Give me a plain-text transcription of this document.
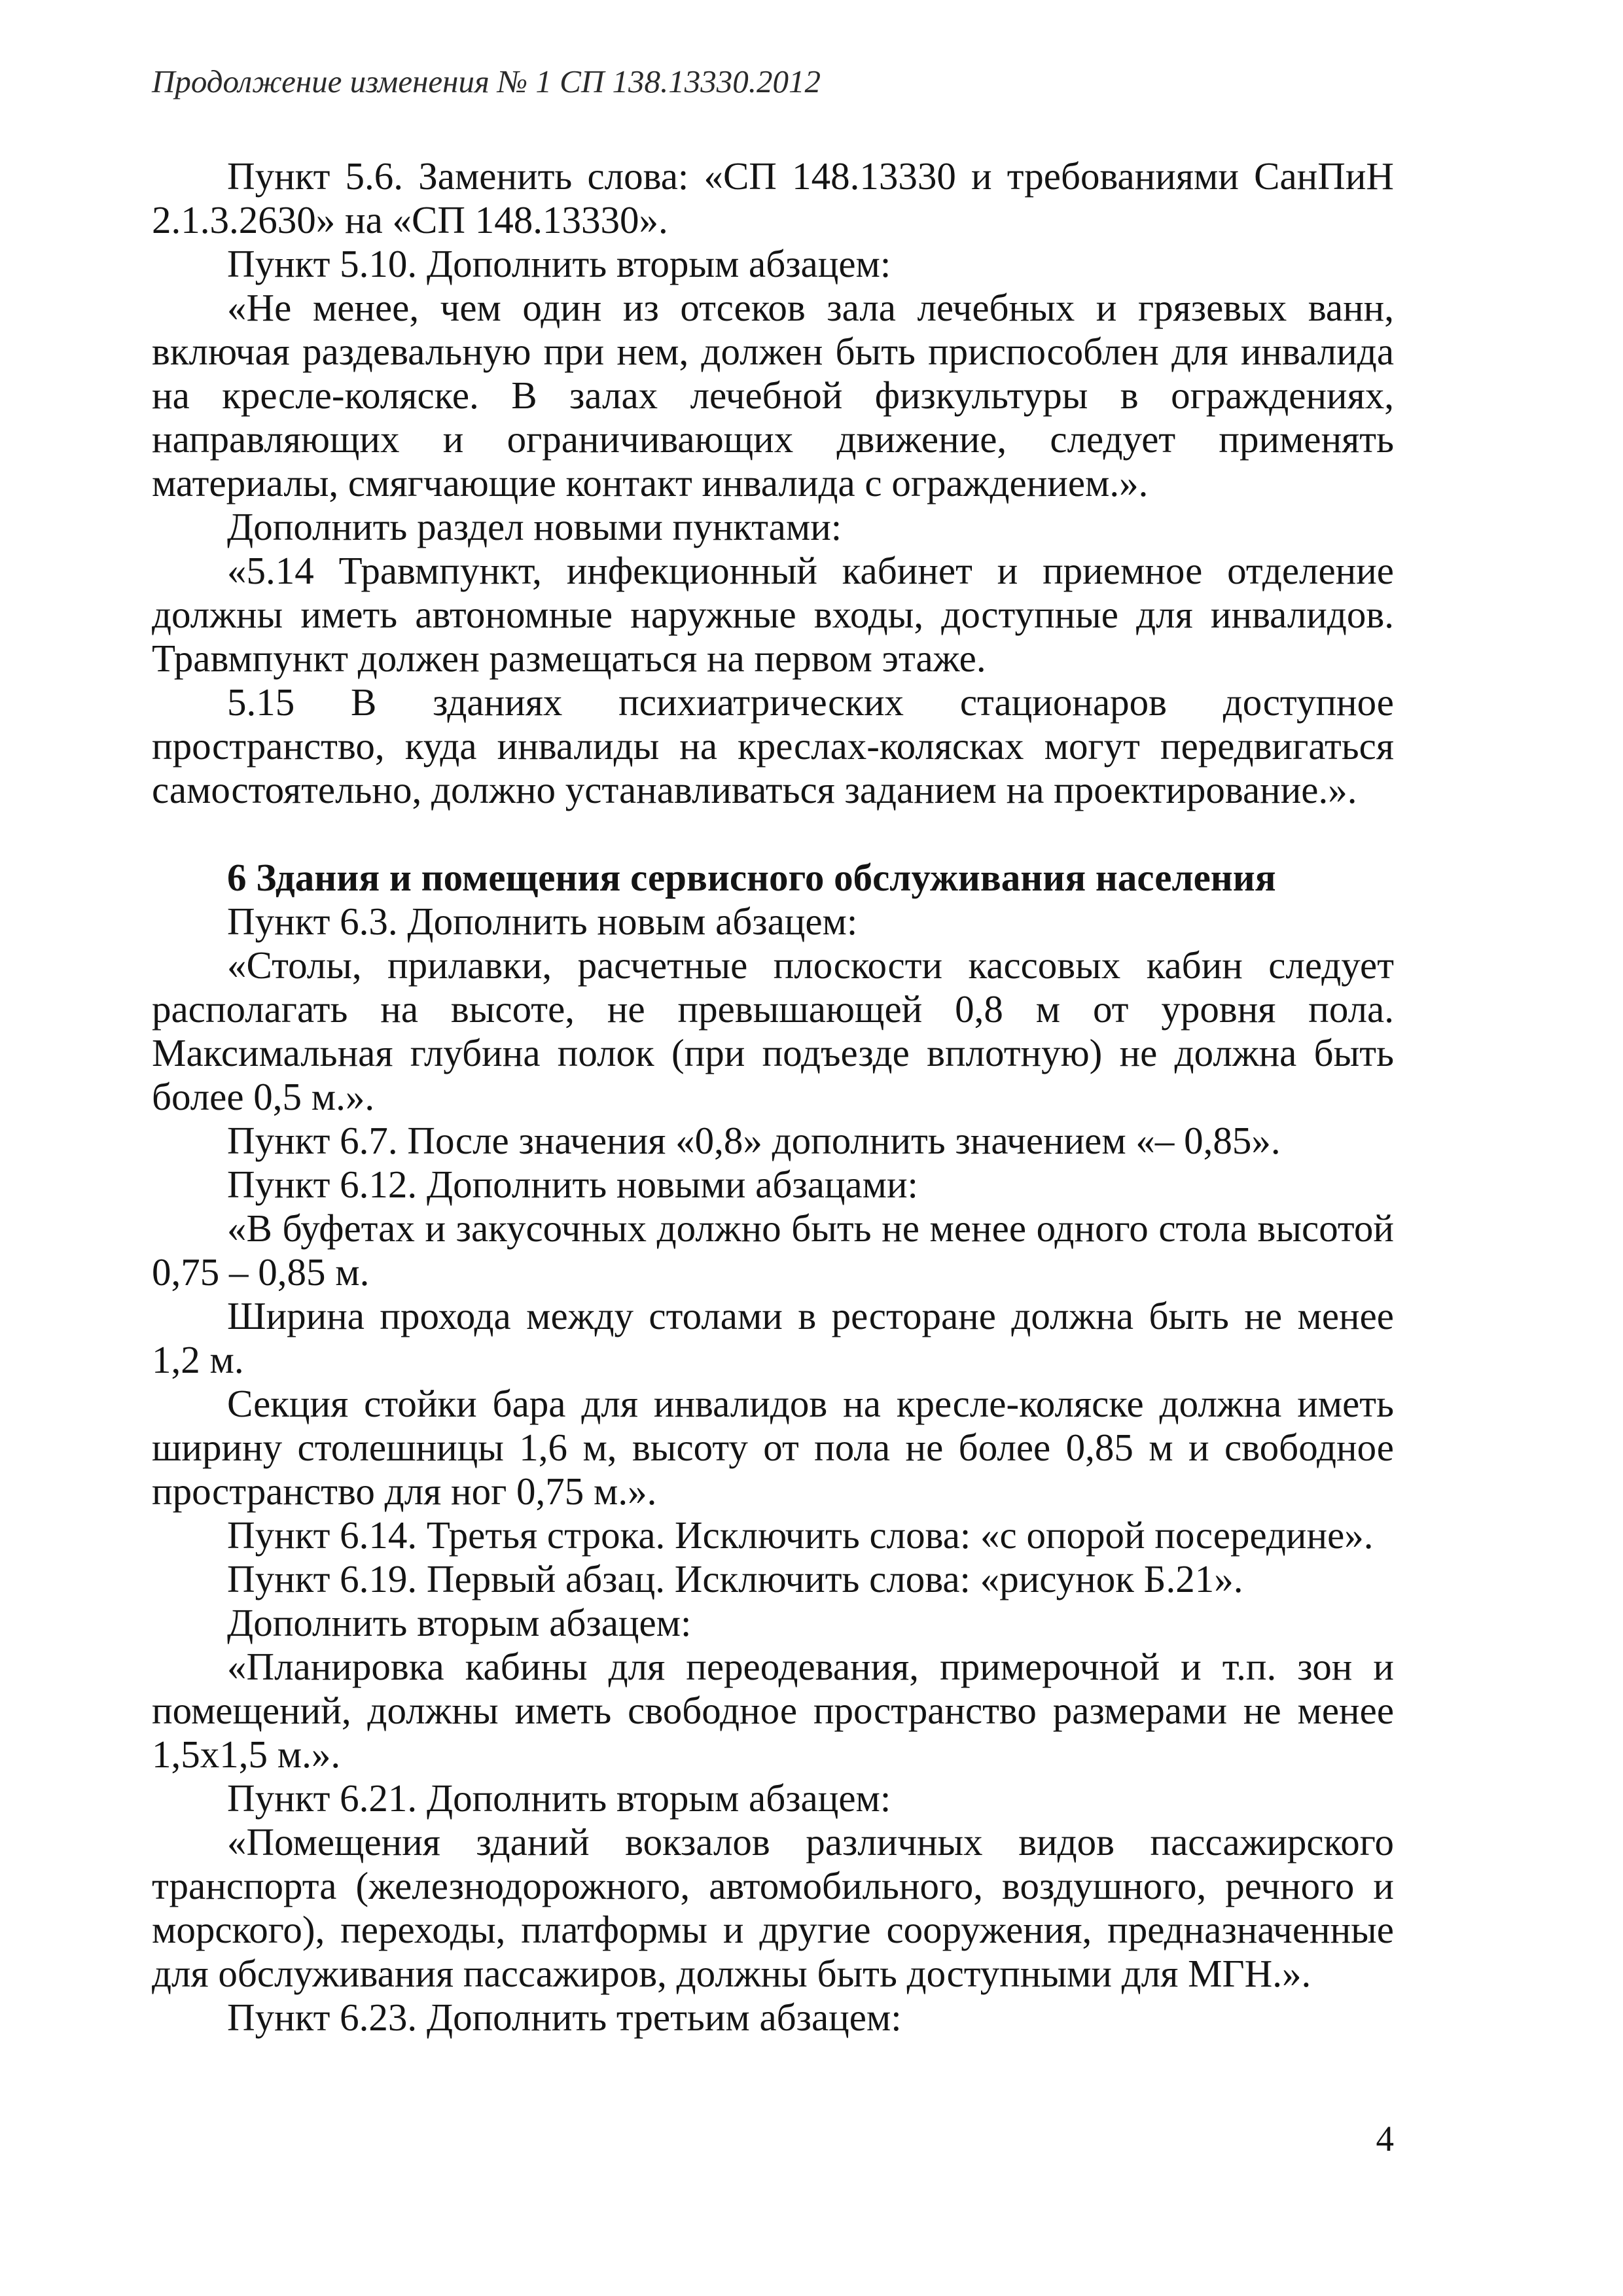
Продолжение изменения № 1 СП 138.13330.2012

Пункт 5.6. Заменить слова: «СП 148.13330 и требованиями СанПиН 2.1.3.2630» на «СП 148.13330».

Пункт 5.10. Дополнить вторым абзацем:

«Не менее, чем один из отсеков зала лечебных и грязевых ванн, включая раздевальную при нем, должен быть приспособлен для инвалида на кресле-коляске. В залах лечебной физкультуры в ограждениях, направляющих и ограничивающих движение, следует применять материалы, смягчающие контакт инвалида с ограждением.».

Дополнить раздел новыми пунктами:

«5.14 Травмпункт, инфекционный кабинет и приемное отделение должны иметь автономные наружные входы, доступные для инвалидов. Травмпункт должен размещаться на первом этаже.

5.15 В зданиях психиатрических стационаров доступное пространство, куда инвалиды на креслах-колясках могут передвигаться самостоятельно, должно устанавливаться заданием на проектирование.».

6 Здания и помещения сервисного обслуживания населения

Пункт 6.3. Дополнить новым абзацем:

«Столы, прилавки, расчетные плоскости кассовых кабин следует располагать на высоте, не превышающей 0,8 м от уровня пола. Максимальная глубина полок (при подъезде вплотную) не должна быть более 0,5 м.».

Пункт 6.7. После значения «0,8» дополнить значением «– 0,85».

Пункт 6.12. Дополнить новыми абзацами:

«В буфетах и закусочных должно быть не менее одного стола высотой 0,75 – 0,85 м.

Ширина прохода между столами в ресторане должна быть не менее 1,2 м.

Секция стойки бара для инвалидов на кресле-коляске должна иметь ширину столешницы 1,6 м, высоту от пола не более 0,85 м и свободное пространство для ног 0,75 м.».

Пункт 6.14. Третья строка. Исключить слова: «с опорой посередине».

Пункт 6.19. Первый абзац. Исключить слова: «рисунок Б.21».

Дополнить вторым абзацем:

«Планировка кабины для переодевания, примерочной и т.п. зон и помещений, должны иметь свободное пространство размерами не менее 1,5x1,5 м.».

Пункт 6.21. Дополнить вторым абзацем:

«Помещения зданий вокзалов различных видов пассажирского транспорта (железнодорожного, автомобильного, воздушного, речного и морского), переходы, платформы и другие сооружения, предназначенные для обслуживания пассажиров, должны быть доступными для МГН.».

Пункт 6.23. Дополнить третьим абзацем:

4
